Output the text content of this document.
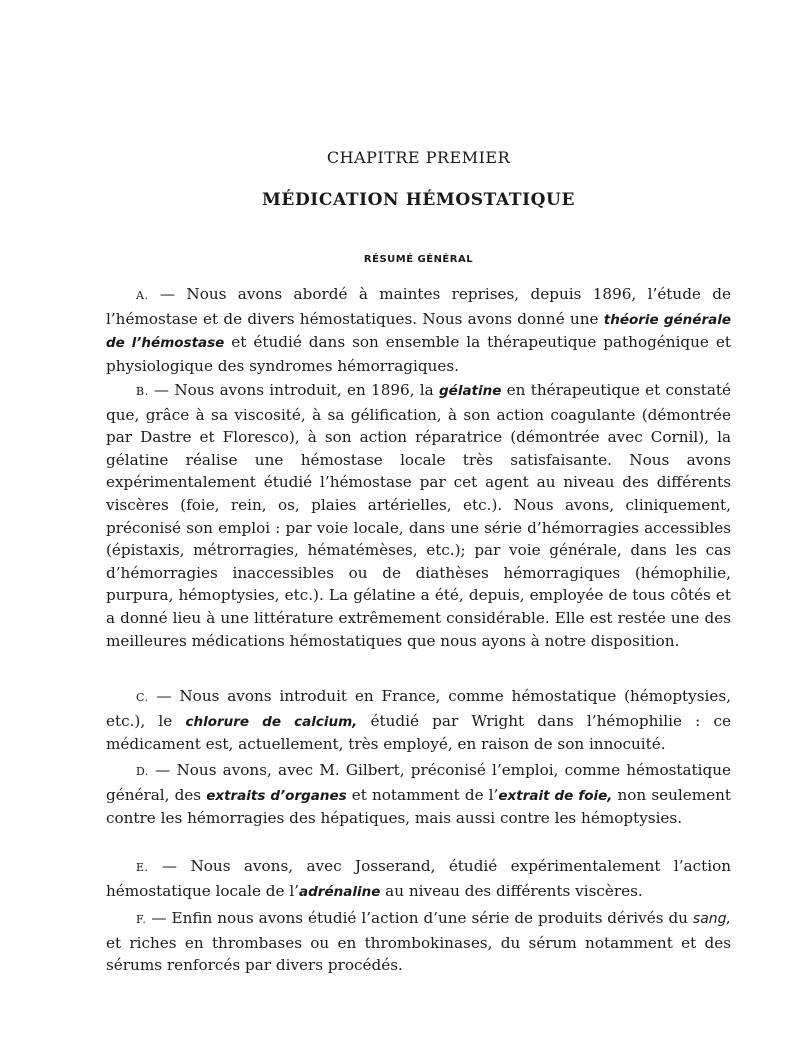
CHAPITRE PREMIER
MÉDICATION HÉMOSTATIQUE
RÉSUMÉ GÉNÉRAL

A. — Nous avons abordé à maintes reprises, depuis 1896, l’étude de l’hémostase et de divers hémostatiques. Nous avons donné une théorie générale de l’hémostase et étudié dans son ensemble la thérapeutique pathogénique et physiologique des syndromes hémorragiques.

B. — Nous avons introduit, en 1896, la gélatine en thérapeutique et constaté que, grâce à sa viscosité, à sa gélification, à son action coagulante (démontrée par Dastre et Floresco), à son action réparatrice (démontrée avec Cornil), la gélatine réalise une hémostase locale très satisfaisante. Nous avons expérimentalement étudié l’hémostase par cet agent au niveau des différents viscères (foie, rein, os, plaies artérielles, etc.). Nous avons, cliniquement, préconisé son emploi : par voie locale, dans une série d’hémorragies accessibles (épistaxis, métrorragies, hématémèses, etc.); par voie générale, dans les cas d’hémorragies inaccessibles ou de diathèses hémorragiques (hémophilie, purpura, hémoptysies, etc.). La gélatine a été, depuis, employée de tous côtés et a donné lieu à une littérature extrêmement considérable. Elle est restée une des meilleures médications hémostatiques que nous ayons à notre disposition.

C. — Nous avons introduit en France, comme hémostatique (hémoptysies, etc.), le chlorure de calcium, étudié par Wright dans l’hémophilie : ce médicament est, actuellement, très employé, en raison de son innocuité.

D. — Nous avons, avec M. Gilbert, préconisé l’emploi, comme hémostatique général, des extraits d’organes et notamment de l’extrait de foie, non seulement contre les hémorragies des hépatiques, mais aussi contre les hémoptysies.

E. — Nous avons, avec Josserand, étudié expérimentalement l’action hémostatique locale de l’adrénaline au niveau des différents viscères.

F. — Enfin nous avons étudié l’action d’une série de produits dérivés du sang, et riches en thrombases ou en thrombokinases, du sérum notamment et des sérums renforcés par divers procédés.
